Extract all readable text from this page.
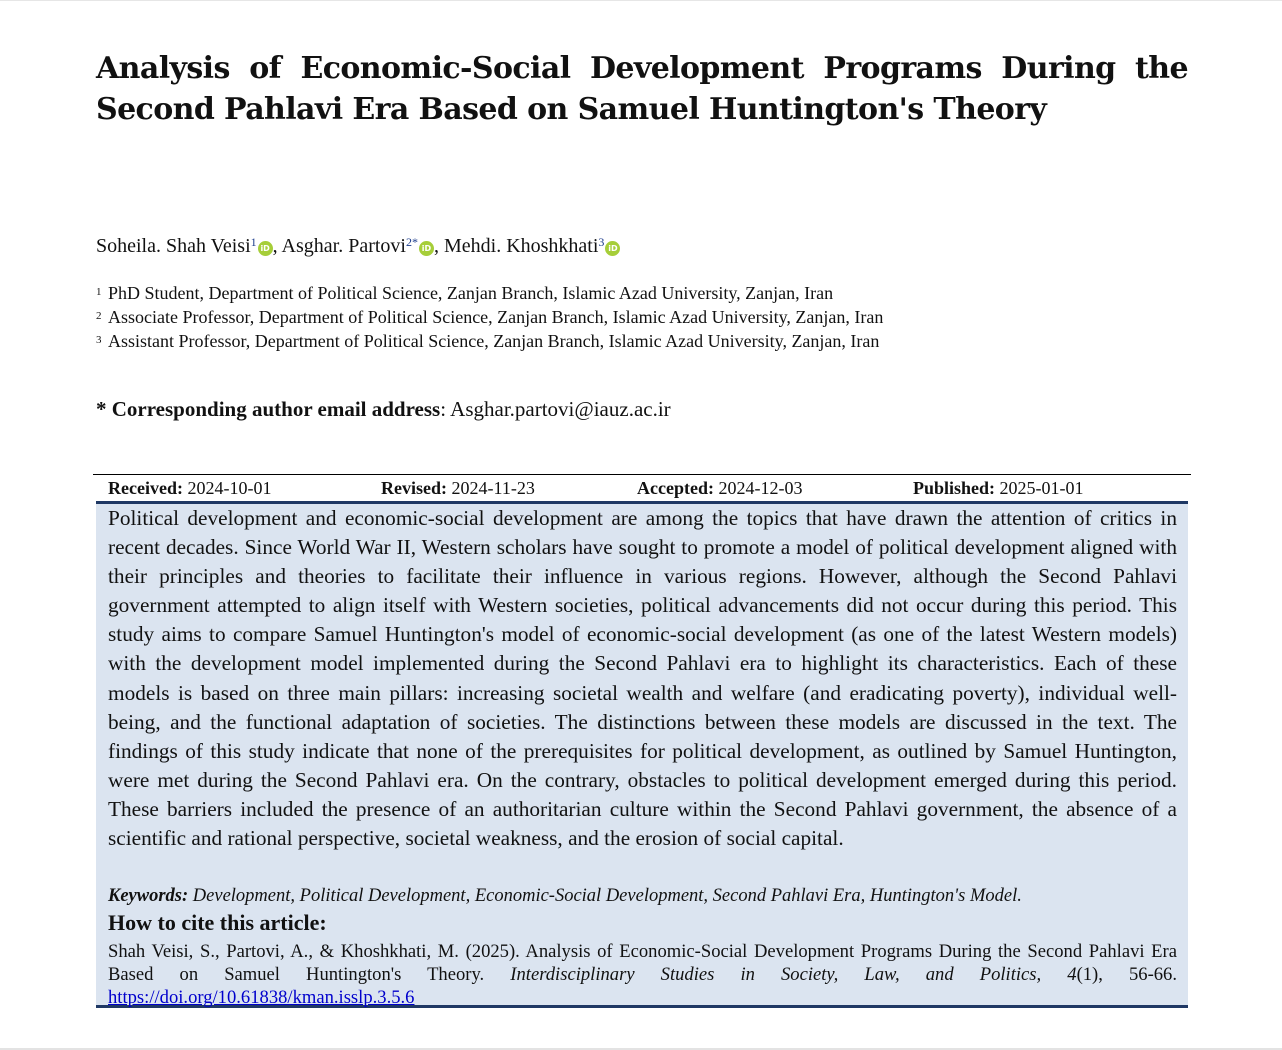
Analysis of Economic-Social Development Programs During the Second Pahlavi Era Based on Samuel Huntington's Theory
Soheila. Shah Veisi$^1$ iD , Asghar. Partovi$^{2*}$ iD , Mehdi. Khoshkhati$^3$ iD
1 PhD Student, Department of Political Science, Zanjan Branch, Islamic Azad University, Zanjan, Iran
2 Associate Professor, Department of Political Science, Zanjan Branch, Islamic Azad University, Zanjan, Iran
3 Assistant Professor, Department of Political Science, Zanjan Branch, Islamic Azad University, Zanjan, Iran
* Corresponding author email address: Asghar.partovi@iauz.ac.ir
Received: 2024-10-01	Revised: 2024-11-23	Accepted: 2024-12-03	Published: 2025-01-01

Political development and economic-social development are among the topics that have drawn the attention of critics in recent decades. Since World War II, Western scholars have sought to promote a model of political development aligned with their principles and theories to facilitate their influence in various regions. However, although the Second Pahlavi government attempted to align itself with Western societies, political advancements did not occur during this period. This study aims to compare Samuel Huntington's model of economic-social development (as one of the latest Western models) with the development model implemented during the Second Pahlavi era to highlight its characteristics. Each of these models is based on three main pillars: increasing societal wealth and welfare (and eradicating poverty), individual well-being, and the functional adaptation of societies. The distinctions between these models are discussed in the text. The findings of this study indicate that none of the prerequisites for political development, as outlined by Samuel Huntington, were met during the Second Pahlavi era. On the contrary, obstacles to political development emerged during this period. These barriers included the presence of an authoritarian culture within the Second Pahlavi government, the absence of a scientific and rational perspective, societal weakness, and the erosion of social capital.

Keywords: Development, Political Development, Economic-Social Development, Second Pahlavi Era, Huntington's Model.
How to cite this article:

Shah Veisi, S., Partovi, A., & Khoshkhati, M. (2025). Analysis of Economic-Social Development Programs During the Second Pahlavi Era Based on Samuel Huntington's Theory. Interdisciplinary Studies in Society, Law, and Politics, 4(1), 56-66. https://doi.org/10.61838/kman.isslp.3.5.6
